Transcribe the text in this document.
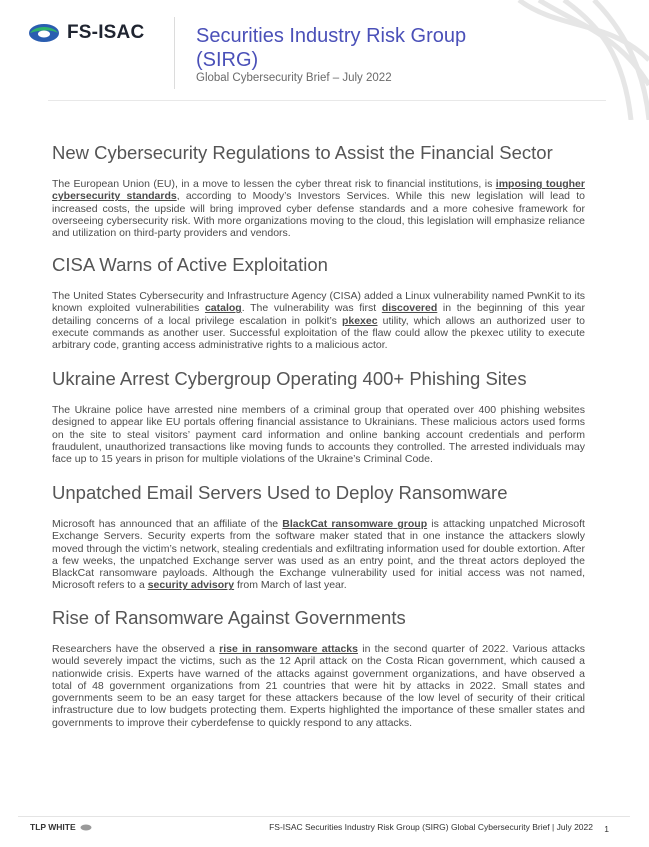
FS-ISAC	Securities Industry Risk Group (SIRG)
Global Cybersecurity Brief – July 2022
New Cybersecurity Regulations to Assist the Financial Sector

The European Union (EU), in a move to lessen the cyber threat risk to financial institutions, is imposing tougher cybersecurity standards, according to Moody’s Investors Services. While this new legislation will lead to increased costs, the upside will bring improved cyber defense standards and a more cohesive framework for overseeing cybersecurity risk. With more organizations moving to the cloud, this legislation will emphasize reliance and utilization on third-party providers and vendors.

CISA Warns of Active Exploitation

The United States Cybersecurity and Infrastructure Agency (CISA) added a Linux vulnerability named PwnKit to its known exploited vulnerabilities catalog. The vulnerability was first discovered in the beginning of this year detailing concerns of a local privilege escalation in polkit’s pkexec utility, which allows an authorized user to execute commands as another user. Successful exploitation of the flaw could allow the pkexec utility to execute arbitrary code, granting access administrative rights to a malicious actor.

Ukraine Arrest Cybergroup Operating 400+ Phishing Sites

The Ukraine police have arrested nine members of a criminal group that operated over 400 phishing websites designed to appear like EU portals offering financial assistance to Ukrainians. These malicious actors used forms on the site to steal visitors’ payment card information and online banking account credentials and perform fraudulent, unauthorized transactions like moving funds to accounts they controlled. The arrested individuals may face up to 15 years in prison for multiple violations of the Ukraine’s Criminal Code.

Unpatched Email Servers Used to Deploy Ransomware

Microsoft has announced that an affiliate of the BlackCat ransomware group is attacking unpatched Microsoft Exchange Servers. Security experts from the software maker stated that in one instance the attackers slowly moved through the victim’s network, stealing credentials and exfiltrating information used for double extortion. After a few weeks, the unpatched Exchange server was used as an entry point, and the threat actors deployed the BlackCat ransomware payloads. Although the Exchange vulnerability used for initial access was not named, Microsoft refers to a security advisory from March of last year.

Rise of Ransomware Against Governments

Researchers have the observed a rise in ransomware attacks in the second quarter of 2022. Various attacks would severely impact the victims, such as the 12 April attack on the Costa Rican government, which caused a nationwide crisis. Experts have warned of the attacks against government organizations, and have observed a total of 48 government organizations from 21 countries that were hit by attacks in 2022. Small states and governments seem to be an easy target for these attackers because of the low level of security of their critical infrastructure due to low budgets protecting them. Experts highlighted the importance of these smaller states and governments to improve their cyberdefense to quickly respond to any attacks.

TLP WHITE	FS-ISAC Securities Industry Risk Group (SIRG) Global Cybersecurity Brief | July 2022 1
